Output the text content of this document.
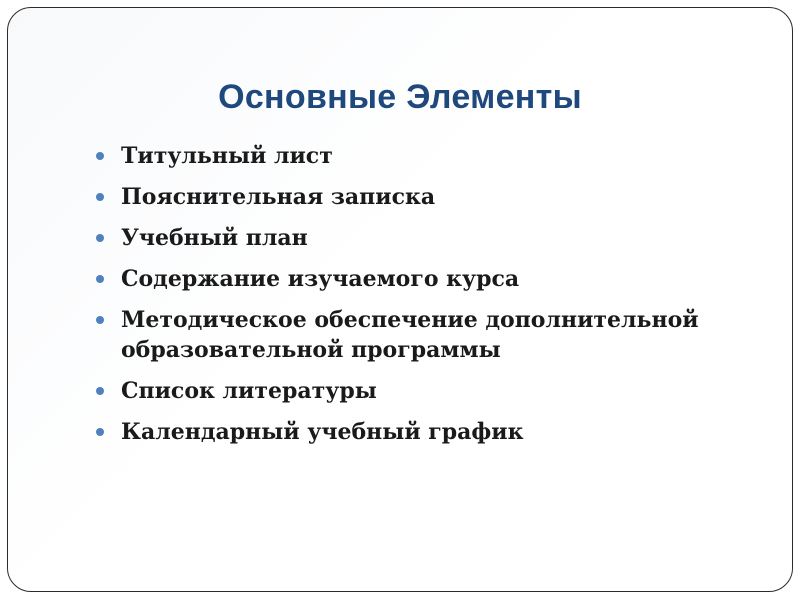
Основные Элементы
Титульный лист
Пояснительная записка
Учебный план
Содержание изучаемого курса
Методическое обеспечение дополнительной образовательной программы
Список литературы
Календарный учебный график
